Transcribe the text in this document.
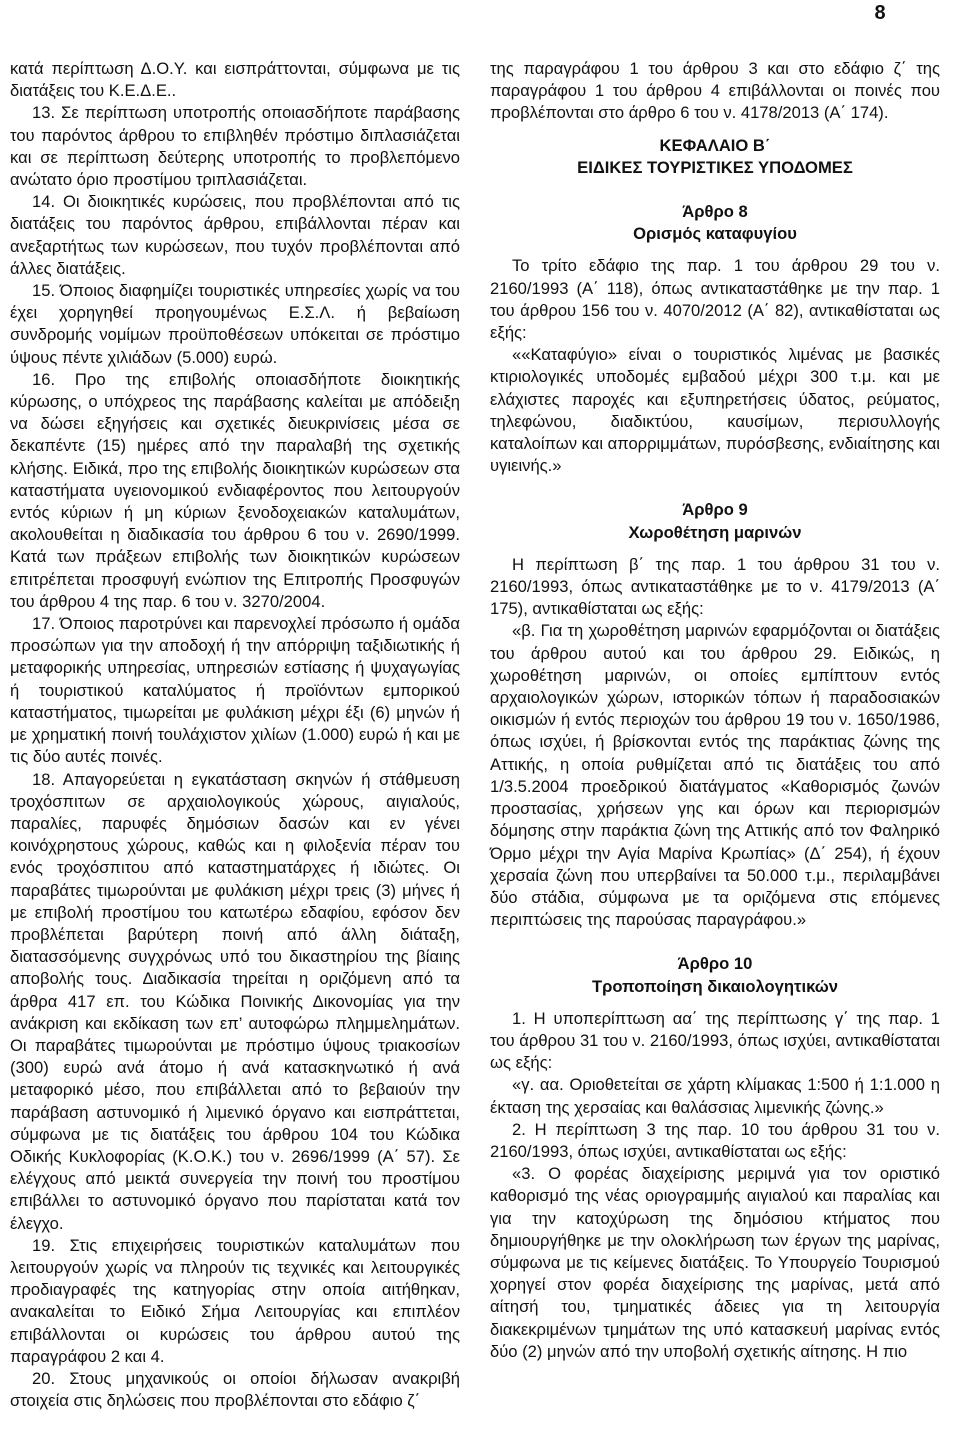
8

κατά περίπτωση Δ.Ο.Υ. και εισπράττονται, σύμφωνα με τις διατάξεις του Κ.Ε.Δ.Ε..

13. Σε περίπτωση υποτροπής οποιασδήποτε παράβασης του παρόντος άρθρου το επιβληθέν πρόστιμο διπλασιάζεται και σε περίπτωση δεύτερης υποτροπής το προβλεπόμενο ανώτατο όριο προστίμου τριπλασιάζεται.

14. Οι διοικητικές κυρώσεις, που προβλέπονται από τις διατάξεις του παρόντος άρθρου, επιβάλλονται πέραν και ανεξαρτήτως των κυρώσεων, που τυχόν προβλέπονται από άλλες διατάξεις.

15. Όποιος διαφημίζει τουριστικές υπηρεσίες χωρίς να του έχει χορηγηθεί προηγουμένως Ε.Σ.Λ. ή βεβαίωση συνδρομής νομίμων προϋποθέσεων υπόκειται σε πρόστιμο ύψους πέντε χιλιάδων (5.000) ευρώ.

16. Προ της επιβολής οποιασδήποτε διοικητικής κύρωσης, ο υπόχρεος της παράβασης καλείται με απόδειξη να δώσει εξηγήσεις και σχετικές διευκρινίσεις μέσα σε δεκαπέντε (15) ημέρες από την παραλαβή της σχετικής κλήσης. Ειδικά, προ της επιβολής διοικητικών κυρώσεων στα καταστήματα υγειονομικού ενδιαφέροντος που λειτουργούν εντός κύριων ή μη κύριων ξενοδοχειακών καταλυμάτων, ακολουθείται η διαδικασία του άρθρου 6 του ν. 2690/1999. Κατά των πράξεων επιβολής των διοικητικών κυρώσεων επιτρέπεται προσφυγή ενώπιον της Επιτροπής Προσφυγών του άρθρου 4 της παρ. 6 του ν. 3270/2004.

17. Όποιος παροτρύνει και παρενοχλεί πρόσωπο ή ομάδα προσώπων για την αποδοχή ή την απόρριψη ταξιδιωτικής ή μεταφορικής υπηρεσίας, υπηρεσιών εστίασης ή ψυχαγωγίας ή τουριστικού καταλύματος ή προϊόντων εμπορικού καταστήματος, τιμωρείται με φυλάκιση μέχρι έξι (6) μηνών ή με χρηματική ποινή τουλάχιστον χιλίων (1.000) ευρώ ή και με τις δύο αυτές ποινές.

18. Απαγορεύεται η εγκατάσταση σκηνών ή στάθμευση τροχόσπιτων σε αρχαιολογικούς χώρους, αιγιαλούς, παραλίες, παρυφές δημόσιων δασών και εν γένει κοινόχρηστους χώρους, καθώς και η φιλοξενία πέραν του ενός τροχόσπιτου από καταστηματάρχες ή ιδιώτες. Οι παραβάτες τιμωρούνται με φυλάκιση μέχρι τρεις (3) μήνες ή με επιβολή προστίμου του κατωτέρω εδαφίου, εφόσον δεν προβλέπεται βαρύτερη ποινή από άλλη διάταξη, διατασσόμενης συγχρόνως υπό του δικαστηρίου της βίαιης αποβολής τους. Διαδικασία τηρείται η οριζόμενη από τα άρθρα 417 επ. του Κώδικα Ποινικής Δικονομίας για την ανάκριση και εκδίκαση των επ’ αυτοφώρω πλημμελημάτων. Οι παραβάτες τιμωρούνται με πρόστιμο ύψους τριακοσίων (300) ευρώ ανά άτομο ή ανά κατασκηνωτικό ή ανά μεταφορικό μέσο, που επιβάλλεται από το βεβαιούν την παράβαση αστυνομικό ή λιμενικό όργανο και εισπράττεται, σύμφωνα με τις διατάξεις του άρθρου 104 του Κώδικα Οδικής Κυκλοφορίας (Κ.Ο.Κ.) του ν. 2696/1999 (Α΄ 57). Σε ελέγχους από μεικτά συνεργεία την ποινή του προστίμου επιβάλλει το αστυνομικό όργανο που παρίσταται κατά τον έλεγχο.

19. Στις επιχειρήσεις τουριστικών καταλυμάτων που λειτουργούν χωρίς να πληρούν τις τεχνικές και λειτουργικές προδιαγραφές της κατηγορίας στην οποία αιτήθηκαν, ανακαλείται το Ειδικό Σήμα Λειτουργίας και επιπλέον επιβάλλονται οι κυρώσεις του άρθρου αυτού της παραγράφου 2 και 4.

20. Στους μηχανικούς οι οποίοι δήλωσαν ανακριβή στοιχεία στις δηλώσεις που προβλέπονται στο εδάφιο ζ΄

της παραγράφου 1 του άρθρου 3 και στο εδάφιο ζ΄ της παραγράφου 1 του άρθρου 4 επιβάλλονται οι ποινές που προβλέπονται στο άρθρο 6 του ν. 4178/2013 (Α΄ 174).

ΚΕΦΑΛΑΙΟ Β΄

ΕΙΔΙΚΕΣ ΤΟΥΡΙΣΤΙΚΕΣ ΥΠΟΔΟΜΕΣ

Άρθρο 8

Ορισμός καταφυγίου

Το τρίτο εδάφιο της παρ. 1 του άρθρου 29 του ν. 2160/1993 (Α΄ 118), όπως αντικαταστάθηκε με την παρ. 1 του άρθρου 156 του ν. 4070/2012 (Α΄ 82), αντικαθίσταται ως εξής:

««Καταφύγιο» είναι ο τουριστικός λιμένας με βασικές κτιριολογικές υποδομές εμβαδού μέχρι 300 τ.μ. και με ελάχιστες παροχές και εξυπηρετήσεις ύδατος, ρεύματος, τηλεφώνου, διαδικτύου, καυσίμων, περισυλλογής καταλοίπων και απορριμμάτων, πυρόσβεσης, ενδιαίτησης και υγιεινής.»

Άρθρο 9

Χωροθέτηση μαρινών

Η περίπτωση β΄ της παρ. 1 του άρθρου 31 του ν. 2160/1993, όπως αντικαταστάθηκε με το ν. 4179/2013 (Α΄ 175), αντικαθίσταται ως εξής:

«β. Για τη χωροθέτηση μαρινών εφαρμόζονται οι διατάξεις του άρθρου αυτού και του άρθρου 29. Ειδικώς, η χωροθέτηση μαρινών, οι οποίες εμπίπτουν εντός αρχαιολογικών χώρων, ιστορικών τόπων ή παραδοσιακών οικισμών ή εντός περιοχών του άρθρου 19 του ν. 1650/1986, όπως ισχύει, ή βρίσκονται εντός της παράκτιας ζώνης της Αττικής, η οποία ρυθμίζεται από τις διατάξεις του από 1/3.5.2004 προεδρικού διατάγματος «Καθορισμός ζωνών προστασίας, χρήσεων γης και όρων και περιορισμών δόμησης στην παράκτια ζώνη της Αττικής από τον Φαληρικό Όρμο μέχρι την Αγία Μαρίνα Κρωπίας» (Δ΄ 254), ή έχουν χερσαία ζώνη που υπερβαίνει τα 50.000 τ.μ., περιλαμβάνει δύο στάδια, σύμφωνα με τα οριζόμενα στις επόμενες περιπτώσεις της παρούσας παραγράφου.»

Άρθρο 10

Τροποποίηση δικαιολογητικών

1. Η υποπερίπτωση αα΄ της περίπτωσης γ΄ της παρ. 1 του άρθρου 31 του ν. 2160/1993, όπως ισχύει, αντικαθίσταται ως εξής:

«γ. αα. Οριοθετείται σε χάρτη κλίμακας 1:500 ή 1:1.000 η έκταση της χερσαίας και θαλάσσιας λιμενικής ζώνης.»

2. Η περίπτωση 3 της παρ. 10 του άρθρου 31 του ν. 2160/1993, όπως ισχύει, αντικαθίσταται ως εξής:

«3. Ο φορέας διαχείρισης μεριμνά για τον οριστικό καθορισμό της νέας οριογραμμής αιγιαλού και παραλίας και για την κατοχύρωση της δημόσιου κτήματος που δημιουργήθηκε με την ολοκλήρωση των έργων της μαρίνας, σύμφωνα με τις κείμενες διατάξεις. Το Υπουργείο Τουρισμού χορηγεί στον φορέα διαχείρισης της μαρίνας, μετά από αίτησή του, τμηματικές άδειες για τη λειτουργία διακεκριμένων τμημάτων της υπό κατασκευή μαρίνας εντός δύο (2) μηνών από την υποβολή σχετικής αίτησης. Η πιο
